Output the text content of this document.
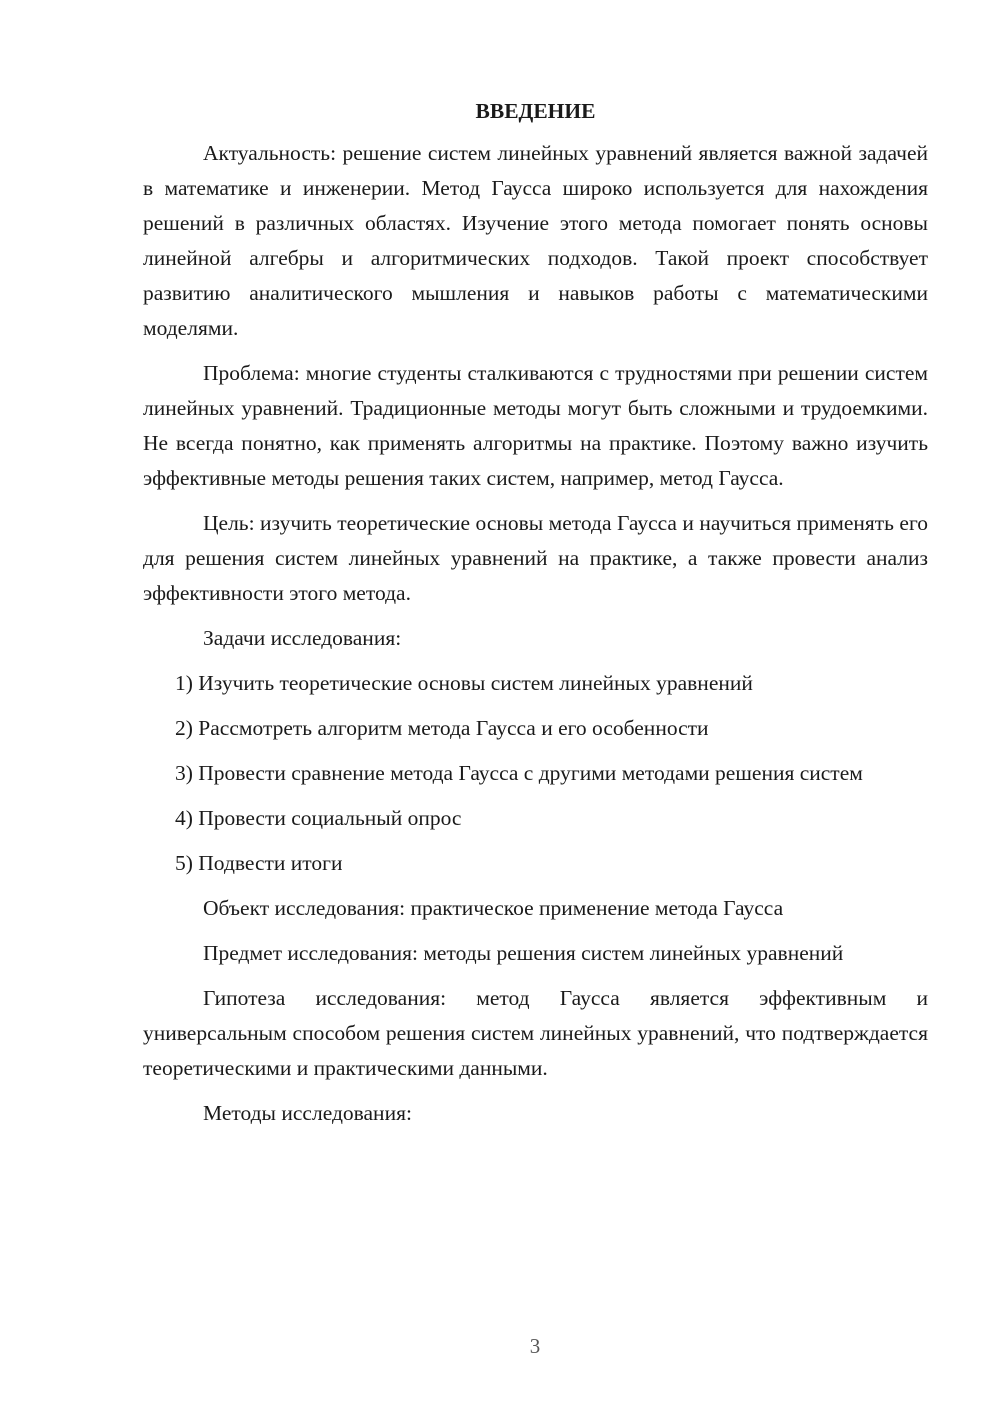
ВВЕДЕНИЕ

Актуальность: решение систем линейных уравнений является важной задачей в математике и инженерии. Метод Гаусса широко используется для нахождения решений в различных областях. Изучение этого метода помогает понять основы линейной алгебры и алгоритмических подходов. Такой проект способствует развитию аналитического мышления и навыков работы с математическими моделями.

Проблема: многие студенты сталкиваются с трудностями при решении систем линейных уравнений. Традиционные методы могут быть сложными и трудоемкими. Не всегда понятно, как применять алгоритмы на практике. Поэтому важно изучить эффективные методы решения таких систем, например, метод Гаусса.

Цель: изучить теоретические основы метода Гаусса и научиться применять его для решения систем линейных уравнений на практике, а также провести анализ эффективности этого метода.

Задачи исследования:

1) Изучить теоретические основы систем линейных уравнений

2) Рассмотреть алгоритм метода Гаусса и его особенности

3) Провести сравнение метода Гаусса с другими методами решения систем

4) Провести социальный опрос

5) Подвести итоги

Объект исследования: практическое применение метода Гаусса

Предмет исследования: методы решения систем линейных уравнений

Гипотеза исследования: метод Гаусса является эффективным и универсальным способом решения систем линейных уравнений, что подтверждается теоретическими и практическими данными.

Методы исследования:

3
